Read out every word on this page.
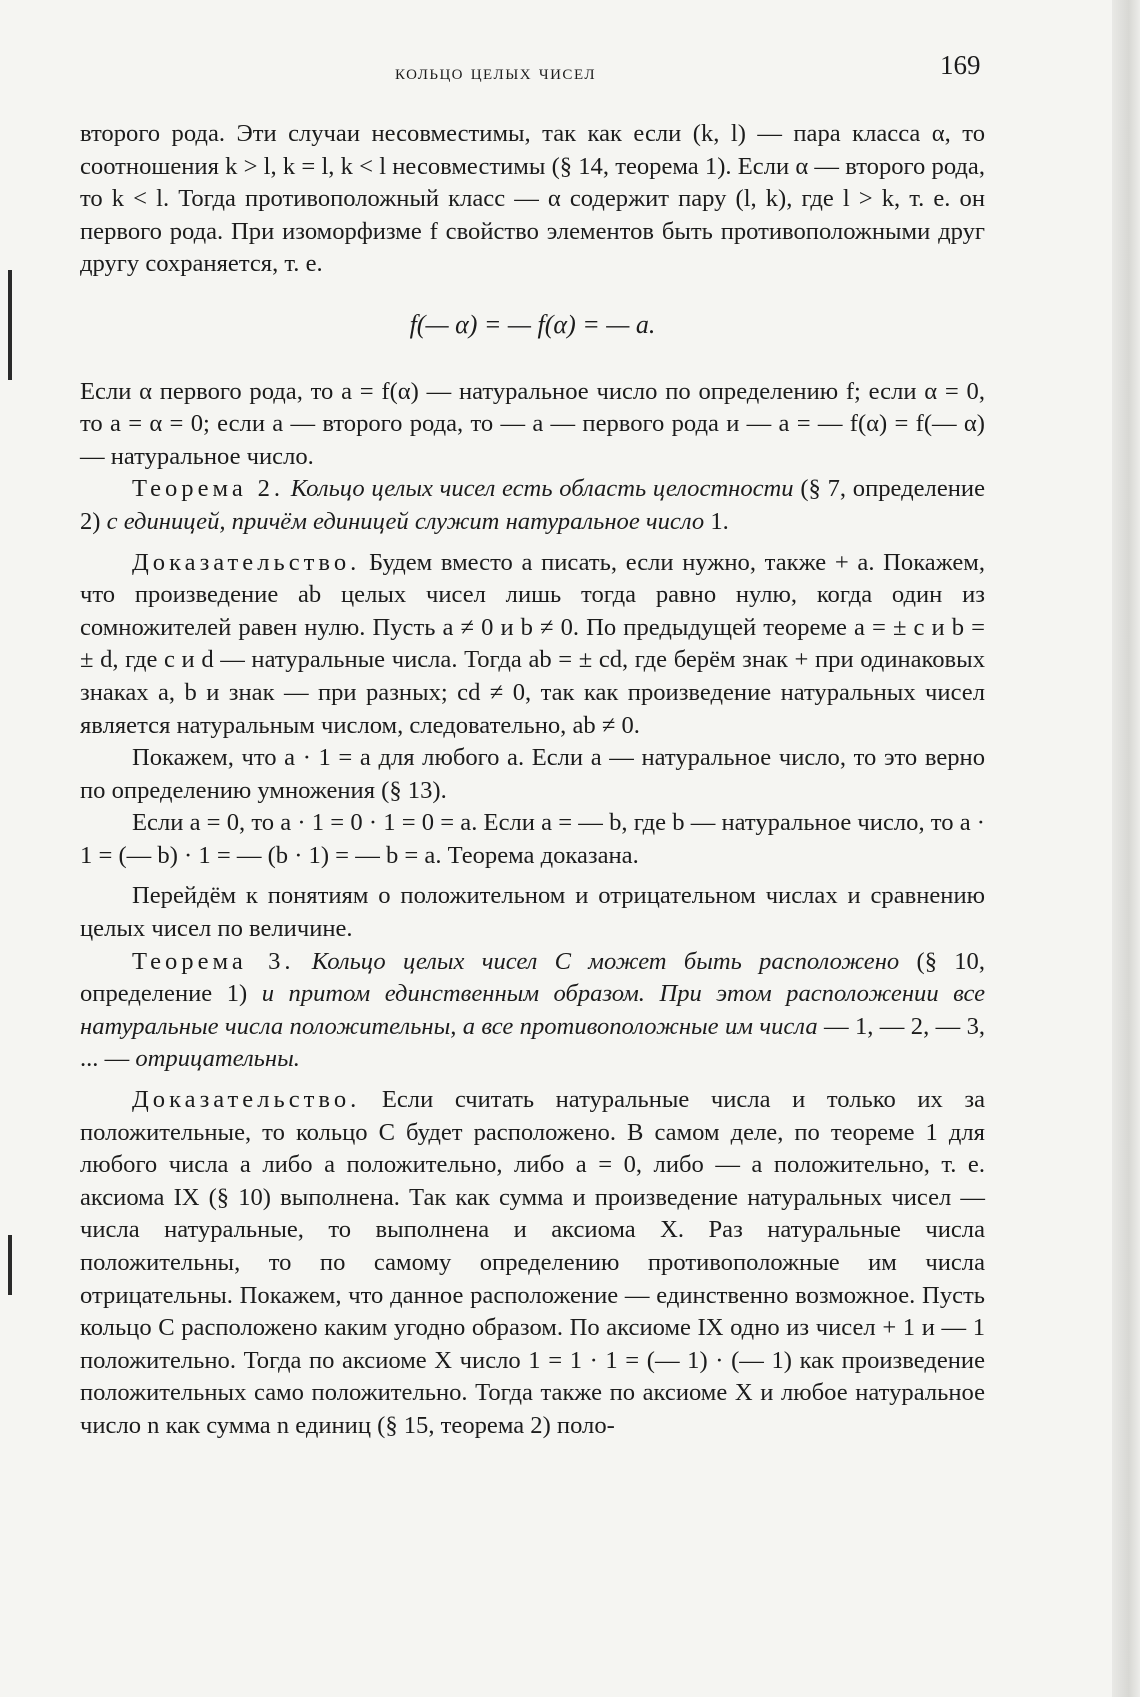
кольцо целых чисел	169

второго рода. Эти случаи несовместимы, так как если (k, l) — пара класса α, то соотношения k > l, k = l, k < l несовместимы (§ 14, теорема 1). Если α — второго рода, то k < l. Тогда противоположный класс — α содержит пару (l, k), где l > k, т. е. он первого рода. При изоморфизме f свойство элементов быть противоположными друг другу сохраняется, т. е.

f(— α) = — f(α) = — a.

Если α первого рода, то a = f(α) — натуральное число по определению f; если α = 0, то a = α = 0; если a — второго рода, то — a — первого рода и — a = — f(α) = f(— α) — натуральное число.

Теорема 2. Кольцо целых чисел есть область целостности (§ 7, определение 2) с единицей, причём единицей служит натуральное число 1.

Доказательство. Будем вместо a писать, если нужно, также + a. Покажем, что произведение ab целых чисел лишь тогда равно нулю, когда один из сомножителей равен нулю. Пусть a ≠ 0 и b ≠ 0. По предыдущей теореме a = ± c и b = ± d, где c и d — натуральные числа. Тогда ab = ± cd, где берём знак + при одинаковых знаках a, b и знак — при разных; cd ≠ 0, так как произведение натуральных чисел является натуральным числом, следовательно, ab ≠ 0.

Покажем, что a · 1 = a для любого a. Если a — натуральное число, то это верно по определению умножения (§ 13).

Если a = 0, то a · 1 = 0 · 1 = 0 = a. Если a = — b, где b — натуральное число, то a · 1 = (— b) · 1 = — (b · 1) = — b = a. Теорема доказана.

Перейдём к понятиям о положительном и отрицательном числах и сравнению целых чисел по величине.

Теорема 3. Кольцо целых чисел C может быть расположено (§ 10, определение 1) и притом единственным образом. При этом расположении все натуральные числа положительны, а все противоположные им числа — 1, — 2, — 3, ... — отрицательны.

Доказательство. Если считать натуральные числа и только их за положительные, то кольцо C будет расположено. В самом деле, по теореме 1 для любого числа a либо a положительно, либо a = 0, либо — a положительно, т. е. аксиома IX (§ 10) выполнена. Так как сумма и произведение натуральных чисел — числа натуральные, то выполнена и аксиома X. Раз натуральные числа положительны, то по самому определению противоположные им числа отрицательны. Покажем, что данное расположение — единственно возможное. Пусть кольцо C расположено каким угодно образом. По аксиоме IX одно из чисел + 1 и — 1 положительно. Тогда по аксиоме X число 1 = 1 · 1 = (— 1) · (— 1) как произведение положительных само положительно. Тогда также по аксиоме X и любое натуральное число n как сумма n единиц (§ 15, теорема 2) поло-
